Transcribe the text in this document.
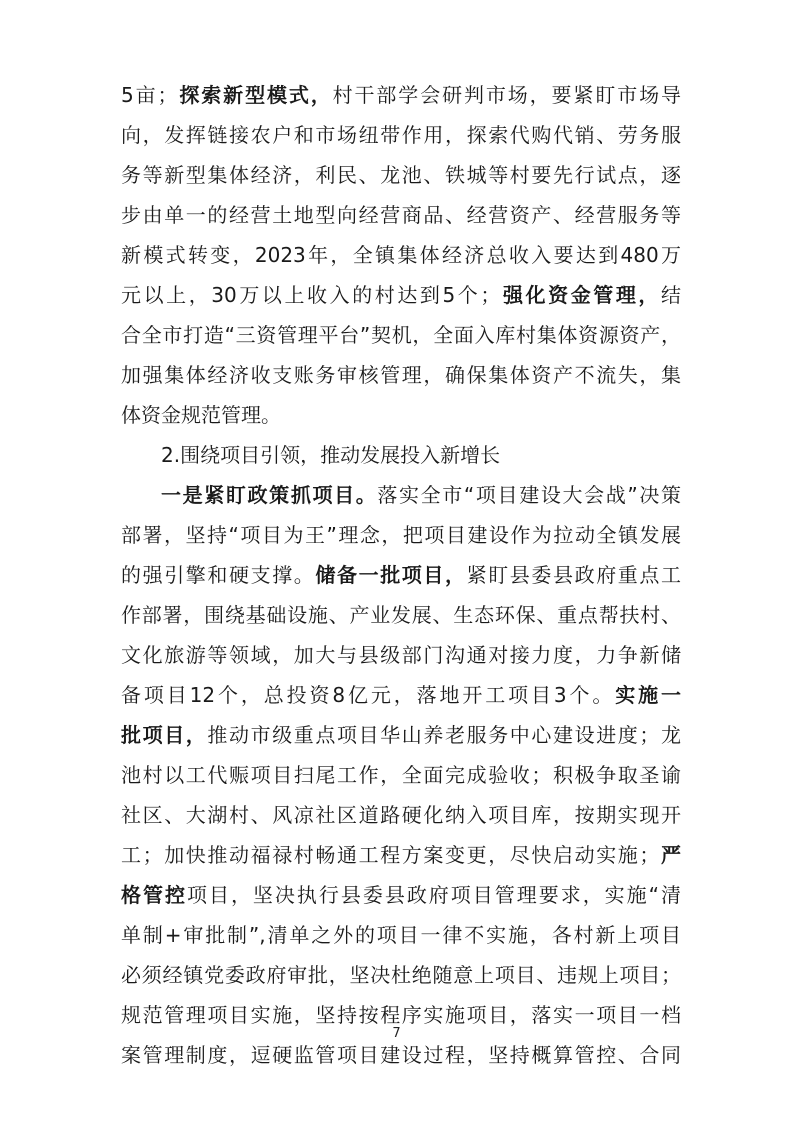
5亩；探索新型模式，村干部学会研判市场，要紧盯市场导
向，发挥链接农户和市场纽带作用，探索代购代销、劳务服
务等新型集体经济，利民、龙池、铁城等村要先行试点，逐
步由单一的经营土地型向经营商品、经营资产、经营服务等
新模式转变，2023年，全镇集体经济总收入要达到480万
元以上，30万以上收入的村达到5个；强化资金管理，结
合全市打造“三资管理平台”契机，全面入库村集体资源资产，
加强集体经济收支账务审核管理，确保集体资产不流失，集
体资金规范管理。
2.围绕项目引领，推动发展投入新增长
一是紧盯政策抓项目。落实全市“项目建设大会战”决策
部署，坚持“项目为王”理念，把项目建设作为拉动全镇发展
的强引擎和硬支撑。储备一批项目，紧盯县委县政府重点工
作部署，围绕基础设施、产业发展、生态环保、重点帮扶村、
文化旅游等领域，加大与县级部门沟通对接力度，力争新储
备项目12个，总投资8亿元，落地开工项目3个。实施一
批项目，推动市级重点项目华山养老服务中心建设进度；龙
池村以工代赈项目扫尾工作，全面完成验收；积极争取圣谕
社区、大湖村、风凉社区道路硬化纳入项目库，按期实现开
工；加快推动福禄村畅通工程方案变更，尽快启动实施；严
格管控项目，坚决执行县委县政府项目管理要求，实施“清
单制+审批制”,清单之外的项目一律不实施，各村新上项目
必须经镇党委政府审批，坚决杜绝随意上项目、违规上项目；
规范管理项目实施，坚持按程序实施项目，落实一项目一档
案管理制度，逗硬监管项目建设过程，坚持概算管控、合同
7
